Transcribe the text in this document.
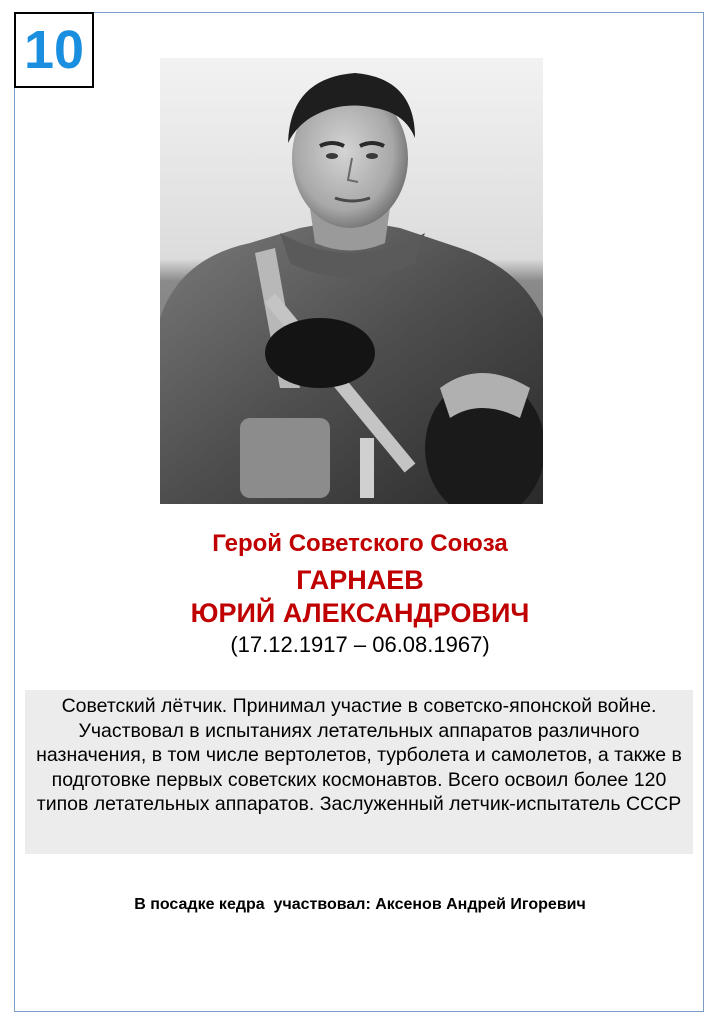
10
Герой Советского Союза
ГАРНАЕВ
ЮРИЙ АЛЕКСАНДРОВИЧ
(17.12.1917 – 06.08.1967)
Советский лётчик. Принимал участие в советско-японской войне. Участвовал в испытаниях летательных аппаратов различного назначения, в том числе вертолетов, турболета и самолетов, а также в подготовке первых советских космонавтов. Всего освоил более 120 типов летательных аппаратов. Заслуженный летчик-испытатель СССР
В посадке кедра  участвовал: Аксенов Андрей Игоревич
